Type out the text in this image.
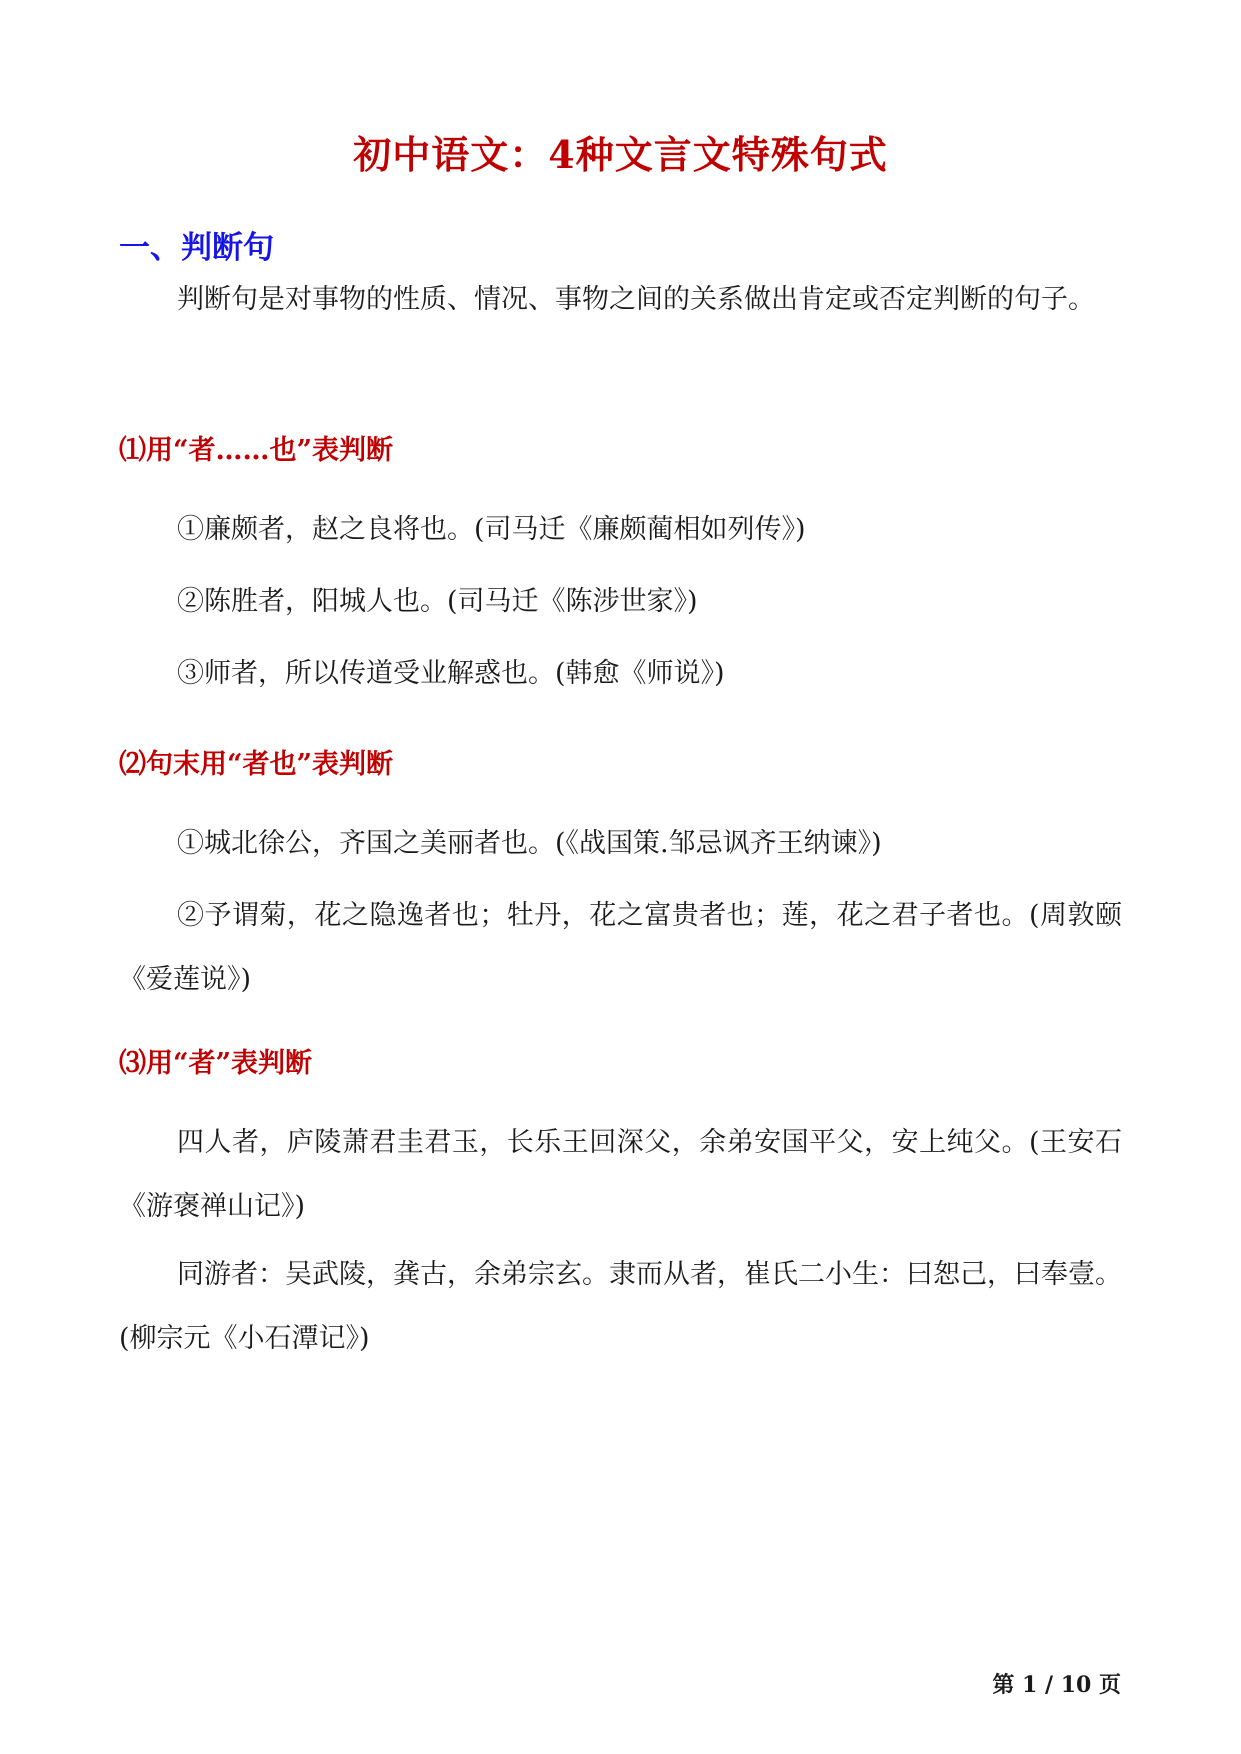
初中语文：4种文言文特殊句式
一、判断句

判断句是对事物的性质、情况、事物之间的关系做出肯定或否定判断的句子。

⑴用“者……也”表判断

①廉颇者，赵之良将也。(司马迁《廉颇蔺相如列传》)

②陈胜者，阳城人也。(司马迁《陈涉世家》)

③师者，所以传道受业解惑也。(韩愈《师说》)

⑵句末用“者也”表判断

①城北徐公，齐国之美丽者也。(《战国策.邹忌讽齐王纳谏》)

②予谓菊，花之隐逸者也；牡丹，花之富贵者也；莲，花之君子者也。(周敦颐《爱莲说》)

⑶用“者”表判断

四人者，庐陵萧君圭君玉，长乐王回深父，余弟安国平父，安上纯父。(王安石《游褒禅山记》)

同游者：吴武陵，龚古，余弟宗玄。隶而从者，崔氏二小生：曰恕己，曰奉壹。(柳宗元《小石潭记》)

第 1 / 10 页
